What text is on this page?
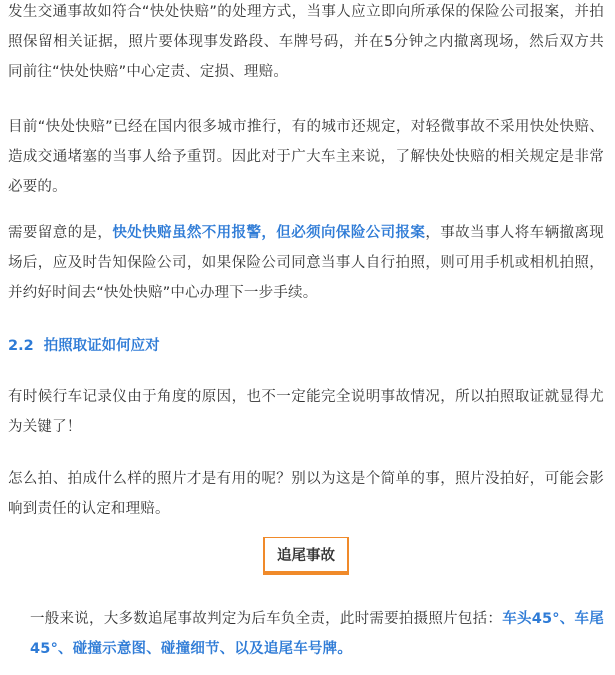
发生交通事故如符合“快处快赔”的处理方式，当事人应立即向所承保的保险公司报案，并拍照保留相关证据，照片要体现事发路段、车牌号码，并在5分钟之内撤离现场，然后双方共同前往“快处快赔”中心定责、定损、理赔。

目前“快处快赔”已经在国内很多城市推行，有的城市还规定，对轻微事故不采用快处快赔、造成交通堵塞的当事人给予重罚。因此对于广大车主来说，了解快处快赔的相关规定是非常必要的。

需要留意的是，快处快赔虽然不用报警，但必须向保险公司报案，事故当事人将车辆撤离现场后，应及时告知保险公司，如果保险公司同意当事人自行拍照，则可用手机或相机拍照，并约好时间去“快处快赔”中心办理下一步手续。

2.2 拍照取证如何应对

有时候行车记录仪由于角度的原因，也不一定能完全说明事故情况，所以拍照取证就显得尤为关键了！

怎么拍、拍成什么样的照片才是有用的呢？别以为这是个简单的事，照片没拍好，可能会影响到责任的认定和理赔。

追尾事故

一般来说，大多数追尾事故判定为后车负全责，此时需要拍摄照片包括：车头45°、车尾45°、碰撞示意图、碰撞细节、以及追尾车号牌。
